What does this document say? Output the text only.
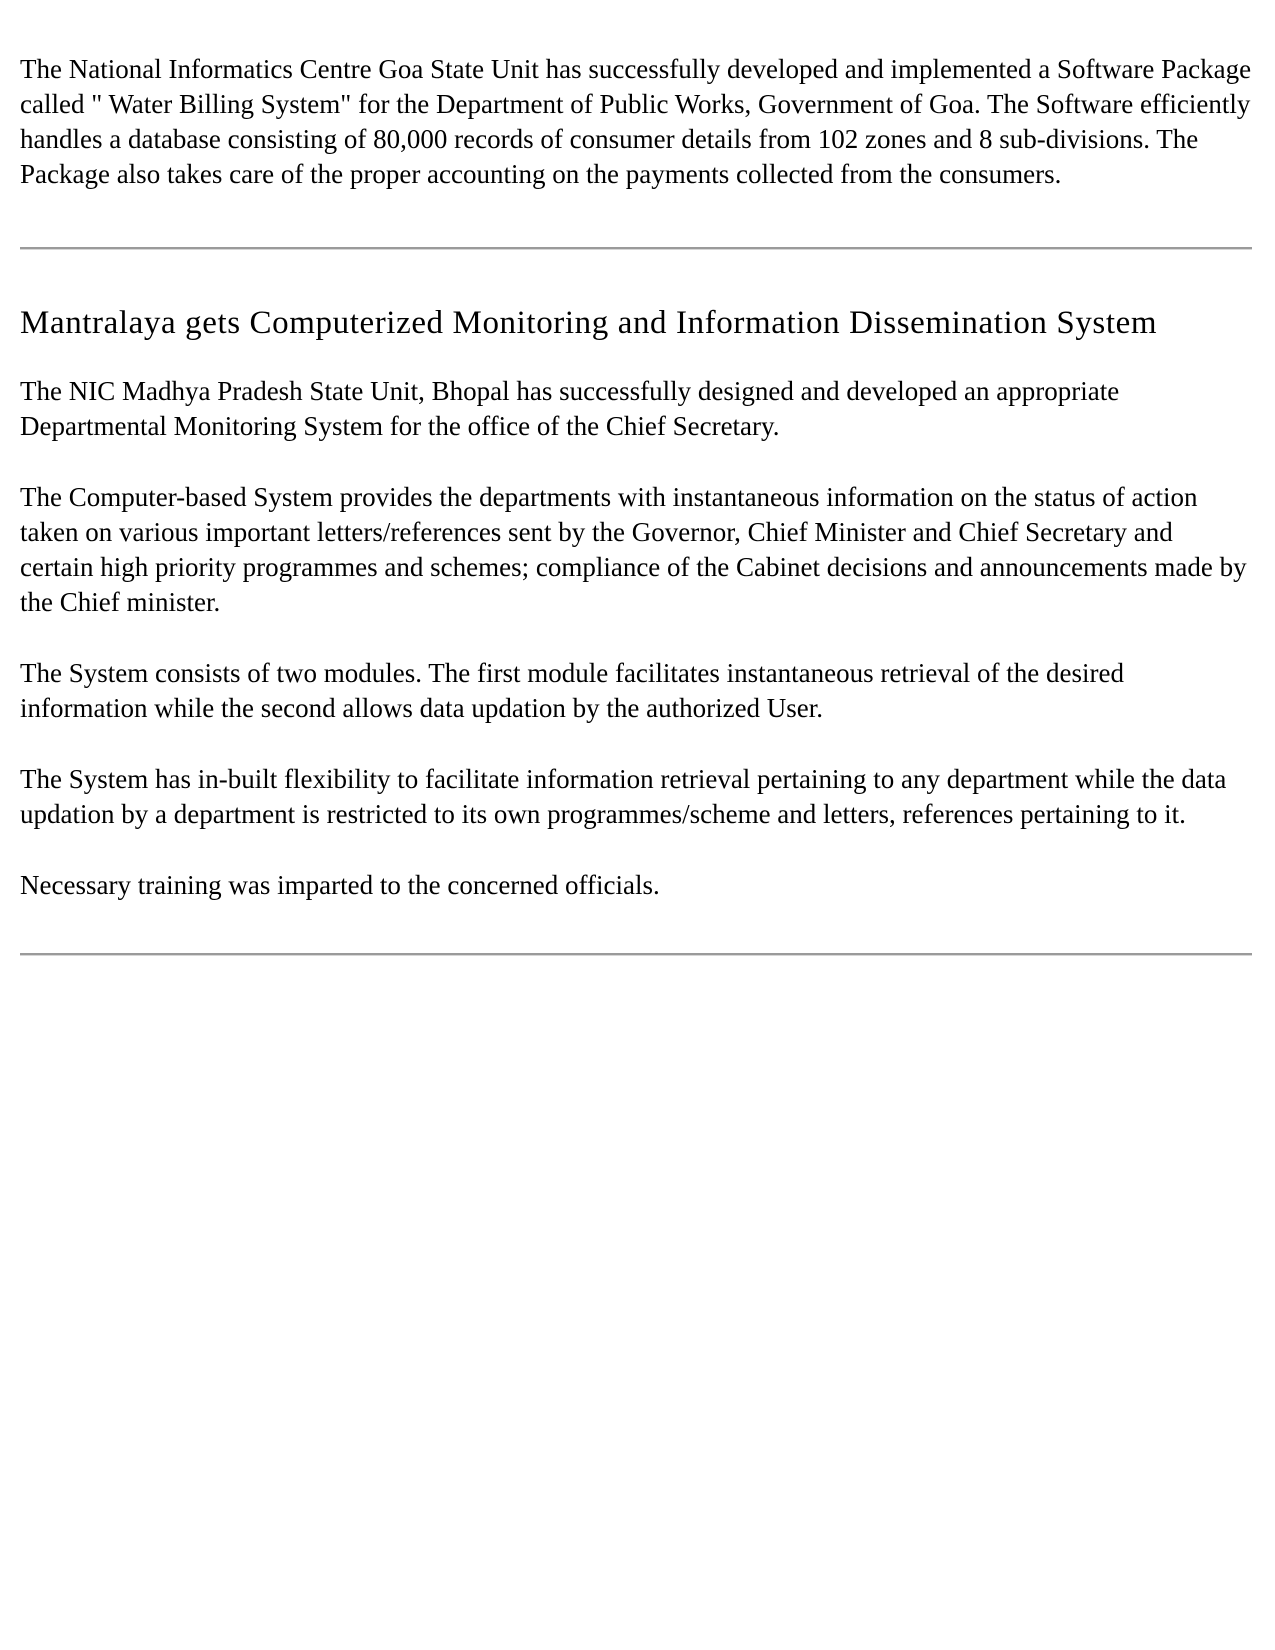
The National Informatics Centre Goa State Unit has successfully developed and implemented a Software Package called " Water Billing System" for the Department of Public Works, Government of Goa. The Software efficiently handles a database consisting of 80,000 records of consumer details from 102 zones and 8 sub-divisions. The Package also takes care of the proper accounting on the payments collected from the consumers.

Mantralaya gets Computerized Monitoring and Information Dissemination System

The NIC Madhya Pradesh State Unit, Bhopal has successfully designed and developed an appropriate Departmental Monitoring System for the office of the Chief Secretary.

The Computer-based System provides the departments with instantaneous information on the status of action taken on various important letters/references sent by the Governor, Chief Minister and Chief Secretary and certain high priority programmes and schemes; compliance of the Cabinet decisions and announcements made by the Chief minister.

The System consists of two modules. The first module facilitates instantaneous retrieval of the desired information while the second allows data updation by the authorized User.

The System has in-built flexibility to facilitate information retrieval pertaining to any department while the data updation by a department is restricted to its own programmes/scheme and letters, references pertaining to it.

Necessary training was imparted to the concerned officials.
